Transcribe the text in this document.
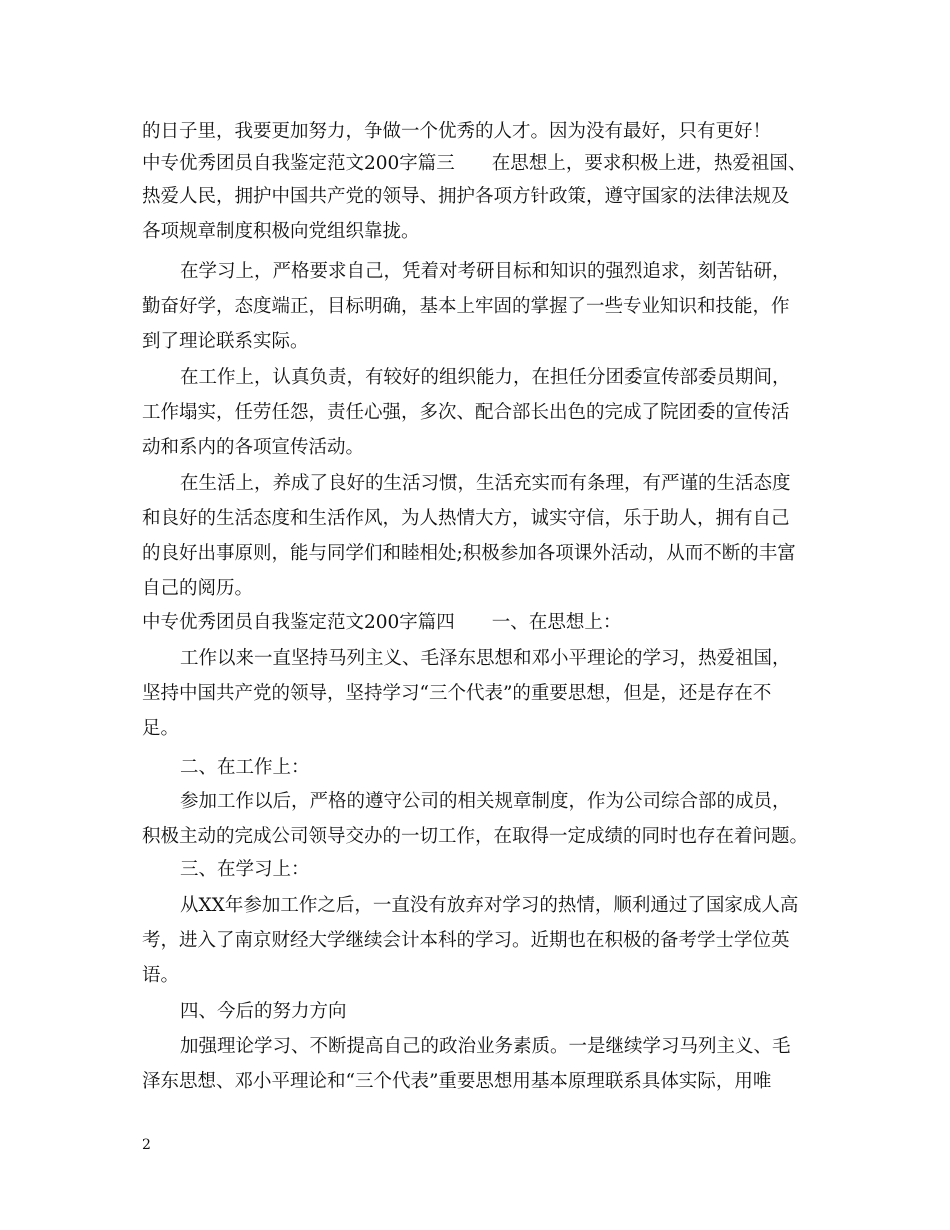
的日子里，我要更加努力，争做一个优秀的人才。因为没有最好，只有更好！
中专优秀团员自我鉴定范文200字篇三　　在思想上，要求积极上进，热爱祖国、
热爱人民，拥护中国共产党的领导、拥护各项方针政策，遵守国家的法律法规及
各项规章制度积极向党组织靠拢。
在学习上，严格要求自己，凭着对考研目标和知识的强烈追求，刻苦钻研，
勤奋好学，态度端正，目标明确，基本上牢固的掌握了一些专业知识和技能，作
到了理论联系实际。
在工作上，认真负责，有较好的组织能力，在担任分团委宣传部委员期间，
工作塌实，任劳任怨，责任心强，多次、配合部长出色的完成了院团委的宣传活
动和系内的各项宣传活动。
在生活上，养成了良好的生活习惯，生活充实而有条理，有严谨的生活态度
和良好的生活态度和生活作风，为人热情大方，诚实守信，乐于助人，拥有自己
的良好出事原则，能与同学们和睦相处;积极参加各项课外活动，从而不断的丰富
自己的阅历。
中专优秀团员自我鉴定范文200字篇四　　一、在思想上：
工作以来一直坚持马列主义、毛泽东思想和邓小平理论的学习，热爱祖国，
坚持中国共产党的领导，坚持学习“三个代表”的重要思想，但是，还是存在不
足。
二、在工作上：
参加工作以后，严格的遵守公司的相关规章制度，作为公司综合部的成员，
积极主动的完成公司领导交办的一切工作，在取得一定成绩的同时也存在着问题。
三、在学习上：
从XX年参加工作之后，一直没有放弃对学习的热情，顺利通过了国家成人高
考，进入了南京财经大学继续会计本科的学习。近期也在积极的备考学士学位英
语。
四、今后的努力方向
加强理论学习、不断提高自己的政治业务素质。一是继续学习马列主义、毛
泽东思想、邓小平理论和“三个代表”重要思想用基本原理联系具体实际，用唯
2
